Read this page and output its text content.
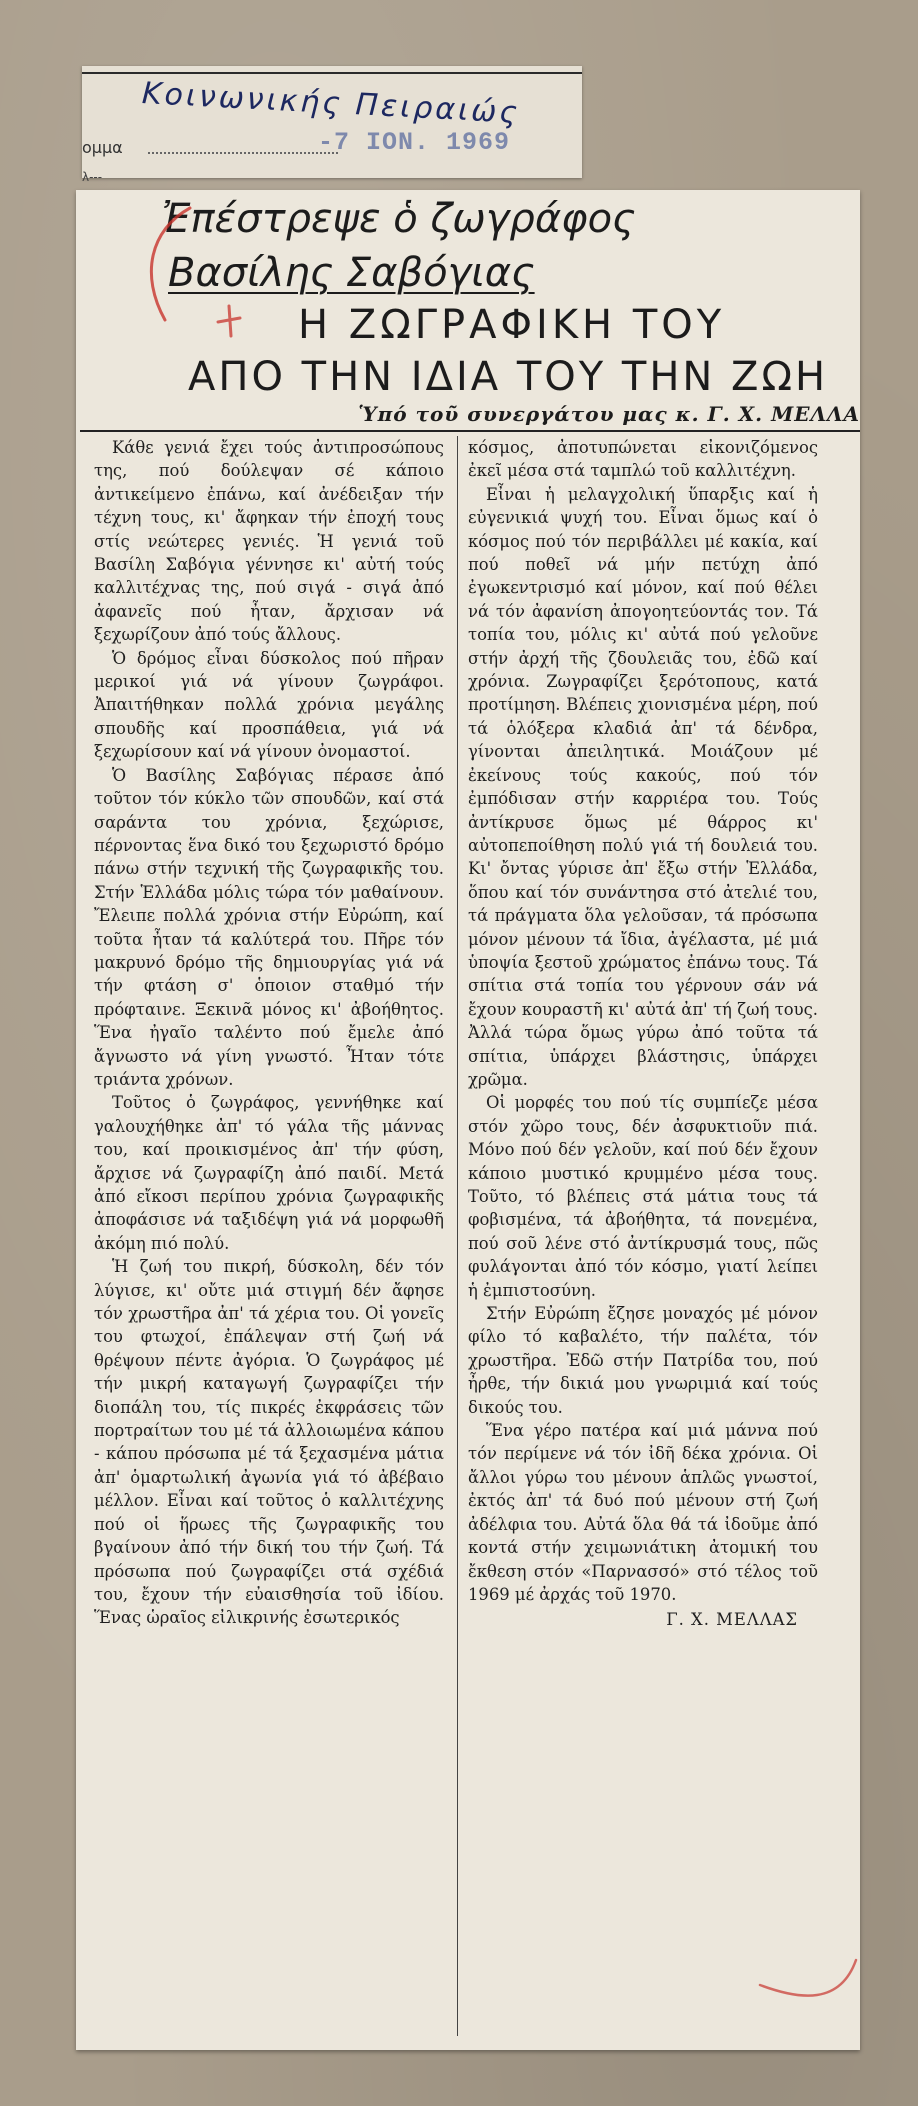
Κοινωνικής Πειραιώς
ομμα	-7 ΙΟΝ. 1969
λ---
Ἐπέστρεψε ὁ ζωγράφος
Βασίλης Σαβόγιας
Η ΖΩΓΡΑΦΙΚΗ ΤΟΥ
ΑΠΟ ΤΗΝ ΙΔΙΑ ΤΟΥ ΤΗΝ ΖΩΗ
Ὑπό τοῦ συνεργάτου μας κ. Γ. Χ. ΜΕΛΛΑ

Κάθε γενιά ἔχει τούς ἀντιπροσώπους της, πού δούλεψαν σέ κάποιο ἀντικείμενο ἐπάνω, καί ἀνέδειξαν τήν τέχνη τους, κι' ἄφηκαν τήν ἐποχή τους στίς νεώτερες γενιές. Ἡ γενιά τοῦ Βασίλη Σαβόγια γέννησε κι' αὐτή τούς καλλιτέχνας της, πού σιγά - σιγά ἀπό ἀφανεῖς πού ἦταν, ἄρχισαν νά ξεχωρίζουν ἀπό τούς ἄλλους.

Ὁ δρόμος εἶναι δύσκολος πού πῆραν μερικοί γιά νά γίνουν ζωγράφοι. Ἀπαιτήθηκαν πολλά χρόνια μεγάλης σπουδῆς καί προσπάθεια, γιά νά ξεχωρίσουν καί νά γίνουν ὀνομαστοί.

Ὁ Βασίλης Σαβόγιας πέρασε ἀπό τοῦτον τόν κύκλο τῶν σπουδῶν, καί στά σαράντα του χρόνια, ξεχώρισε, πέρνοντας ἕνα δικό του ξεχωριστό δρόμο πάνω στήν τεχνική τῆς ζωγραφικῆς του. Στήν Ἑλλάδα μόλις τώρα τόν μαθαίνουν. Ἔλειπε πολλά χρόνια στήν Εὐρώπη, καί τοῦτα ἦταν τά καλύτερά του. Πῆρε τόν μακρυνό δρόμο τῆς δημιουργίας γιά νά τήν φτάση σ' ὁποιον σταθμό τήν πρόφταινε. Ξεκινᾶ μόνος κι' ἀβοήθητος. Ἕνα ἠγαῖο ταλέντο πού ἔμελε ἀπό ἄγνωστο νά γίνη γνωστό. Ἦταν τότε τριάντα χρόνων.

Τοῦτος ὁ ζωγράφος, γεννήθηκε καί γαλουχήθηκε ἀπ' τό γάλα τῆς μάννας του, καί προικισμένος ἀπ' τήν φύση, ἄρχισε νά ζωγραφίζη ἀπό παιδί. Μετά ἀπό εἴκοσι περίπου χρόνια ζωγραφικῆς ἀποφάσισε νά ταξιδέψη γιά νά μορφωθῆ ἀκόμη πιό πολύ.

Ἡ ζωή του πικρή, δύσκολη, δέν τόν λύγισε, κι' οὔτε μιά στιγμή δέν ἄφησε τόν χρωστῆρα ἀπ' τά χέρια του. Οἱ γονεῖς του φτωχοί, ἐπάλεψαν στή ζωή νά θρέψουν πέντε ἀγόρια. Ὁ ζωγράφος μέ τήν μικρή καταγωγή ζωγραφίζει τήν διοπάλη του, τίς πικρές ἐκφράσεις τῶν πορτραίτων του μέ τά ἀλλοιωμένα κάπου - κάπου πρόσωπα μέ τά ξεχασμένα μάτια ἀπ' ὁμαρτωλική ἀγωνία γιά τό ἀβέβαιο μέλλον. Εἶναι καί τοῦτος ὁ καλλιτέχνης πού οἱ ἥρωες τῆς ζωγραφικῆς του βγαίνουν ἀπό τήν δική του τήν ζωή. Τά πρόσωπα πού ζωγραφίζει στά σχέδιά του, ἔχουν τήν εὐαισθησία τοῦ ἰδίου. Ἕνας ὡραῖος εἰλικρινής ἐσωτερικός

κόσμος, ἀποτυπώνεται εἰκονιζόμενος ἐκεῖ μέσα στά ταμπλώ τοῦ καλλιτέχνη.

Εἶναι ἡ μελαγχολική ὕπαρξις καί ἡ εὐγενικιά ψυχή του. Εἶναι ὅμως καί ὁ κόσμος πού τόν περιβάλλει μέ κακία, καί πού ποθεῖ νά μήν πετύχη ἀπό ἐγωκεντρισμό καί μόνον, καί πού θέλει νά τόν ἀφανίση ἀπογοητεύοντάς τον. Τά τοπία του, μόλις κι' αὐτά πού γελοῦνε στήν ἀρχή τῆς ζδουλειᾶς του, ἐδῶ καί χρόνια. Ζωγραφίζει ξερότοπους, κατά προτίμηση. Βλέπεις χιονισμένα μέρη, πού τά ὁλόξερα κλαδιά ἀπ' τά δένδρα, γίνονται ἀπειλητικά. Μοιάζουν μέ ἐκείνους τούς κακούς, πού τόν ἐμπόδισαν στήν καρριέρα του. Τούς ἀντίκρυσε ὅμως μέ θάρρος κι' αὐτοπεποίθηση πολύ γιά τή δουλειά του. Κι' ὄντας γύρισε ἀπ' ἔξω στήν Ἑλλάδα, ὅπου καί τόν συνάντησα στό ἀτελιέ του, τά πράγματα ὅλα γελοῦσαν, τά πρόσωπα μόνον μένουν τά ἴδια, ἀγέλαστα, μέ μιά ὑποψία ξεστοῦ χρώματος ἐπάνω τους. Τά σπίτια στά τοπία του γέρνουν σάν νά ἔχουν κουραστῆ κι' αὐτά ἀπ' τή ζωή τους. Ἀλλά τώρα ὅμως γύρω ἀπό τοῦτα τά σπίτια, ὑπάρχει βλάστησις, ὑπάρχει χρῶμα.

Οἱ μορφές του πού τίς συμπίεζε μέσα στόν χῶρο τους, δέν ἀσφυκτιοῦν πιά. Μόνο πού δέν γελοῦν, καί πού δέν ἔχουν κάποιο μυστικό κρυμμένο μέσα τους. Τοῦτο, τό βλέπεις στά μάτια τους τά φοβισμένα, τά ἀβοήθητα, τά πονεμένα, πού σοῦ λένε στό ἀντίκρυσμά τους, πῶς φυλάγονται ἀπό τόν κόσμο, γιατί λείπει ἡ ἐμπιστοσύνη.

Στήν Εὐρώπη ἔζησε μοναχός μέ μόνον φίλο τό καβαλέτο, τήν παλέτα, τόν χρωστῆρα. Ἐδῶ στήν Πατρίδα του, πού ἦρθε, τήν δικιά μου γνωριμιά καί τούς δικούς του.

Ἕνα γέρο πατέρα καί μιά μάννα πού τόν περίμενε νά τόν ἰδῆ δέκα χρόνια. Οἱ ἄλλοι γύρω του μένουν ἁπλῶς γνωστοί, ἐκτός ἀπ' τά δυό πού μένουν στή ζωή ἀδέλφια του. Αὐτά ὅλα θά τά ἰδοῦμε ἀπό κοντά στήν χειμωνιάτικη ἀτομική του ἔκθεση στόν «Παρνασσό» στό τέλος τοῦ 1969 μέ ἀρχάς τοῦ 1970.

Γ. Χ. ΜΕΛΛΑΣ
